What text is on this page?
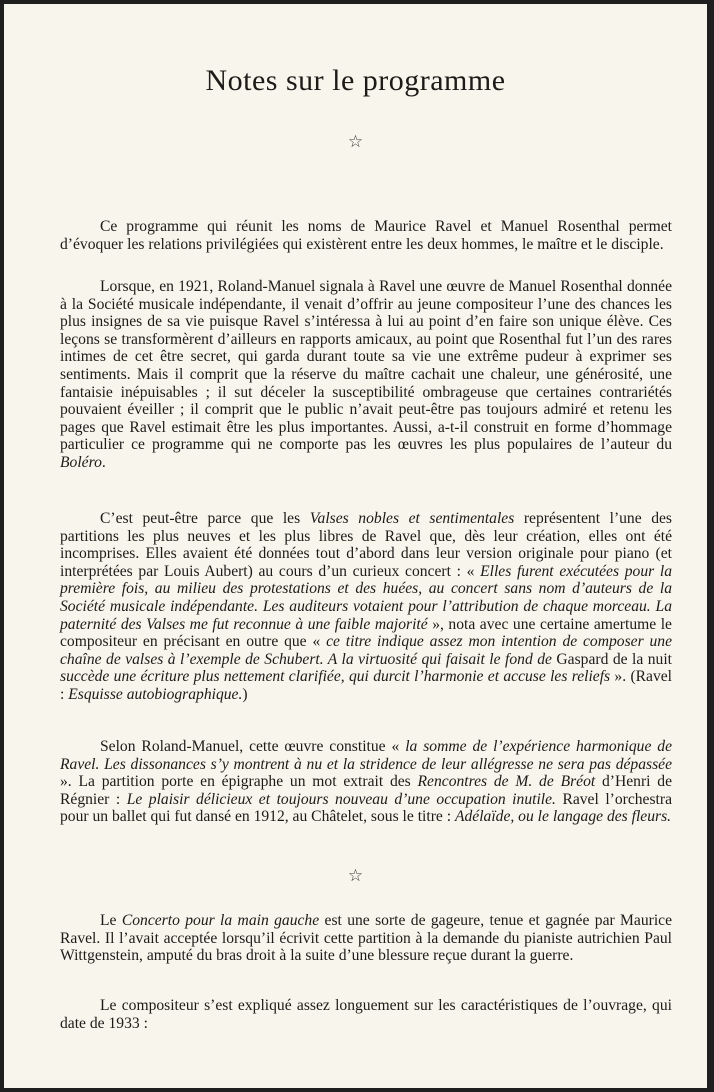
Notes sur le programme
☆

Ce programme qui réunit les noms de Maurice Ravel et Manuel Rosenthal permet d’évoquer les relations privilégiées qui existèrent entre les deux hommes, le maître et le disciple.

Lorsque, en 1921, Roland-Manuel signala à Ravel une œuvre de Manuel Rosenthal donnée à la Société musicale indépendante, il venait d’offrir au jeune compositeur l’une des chances les plus insignes de sa vie puisque Ravel s’intéressa à lui au point d’en faire son unique élève. Ces leçons se transformèrent d’ailleurs en rapports amicaux, au point que Rosenthal fut l’un des rares intimes de cet être secret, qui garda durant toute sa vie une extrême pudeur à exprimer ses sentiments. Mais il comprit que la réserve du maître cachait une chaleur, une générosité, une fantaisie inépuisables ; il sut déceler la susceptibilité ombrageuse que certaines contrariétés pouvaient éveiller ; il comprit que le public n’avait peut-être pas toujours admiré et retenu les pages que Ravel estimait être les plus importantes. Aussi, a-t-il construit en forme d’hommage particulier ce programme qui ne comporte pas les œuvres les plus populaires de l’auteur du Boléro.

C’est peut-être parce que les Valses nobles et sentimentales représentent l’une des partitions les plus neuves et les plus libres de Ravel que, dès leur création, elles ont été incomprises. Elles avaient été données tout d’abord dans leur version originale pour piano (et interprétées par Louis Aubert) au cours d’un curieux concert : « Elles furent exécutées pour la première fois, au milieu des protestations et des huées, au concert sans nom d’auteurs de la Société musicale indépendante. Les auditeurs votaient pour l’attribution de chaque morceau. La paternité des Valses me fut reconnue à une faible majorité », nota avec une certaine amertume le compositeur en précisant en outre que « ce titre indique assez mon intention de composer une chaîne de valses à l’exemple de Schubert. A la virtuosité qui faisait le fond de Gaspard de la nuit succède une écriture plus nettement clarifiée, qui durcit l’harmonie et accuse les reliefs ». (Ravel : Esquisse autobiographique.)

Selon Roland-Manuel, cette œuvre constitue « la somme de l’expérience harmonique de Ravel. Les dissonances s’y montrent à nu et la stridence de leur allégresse ne sera pas dépassée ». La partition porte en épigraphe un mot extrait des Rencontres de M. de Bréot d’Henri de Régnier : Le plaisir délicieux et toujours nouveau d’une occupation inutile. Ravel l’orchestra pour un ballet qui fut dansé en 1912, au Châtelet, sous le titre : Adélaïde, ou le langage des fleurs.

☆

Le Concerto pour la main gauche est une sorte de gageure, tenue et gagnée par Maurice Ravel. Il l’avait acceptée lorsqu’il écrivit cette partition à la demande du pianiste autrichien Paul Wittgenstein, amputé du bras droit à la suite d’une blessure reçue durant la guerre.

Le compositeur s’est expliqué assez longuement sur les caractéristiques de l’ouvrage, qui date de 1933 :
